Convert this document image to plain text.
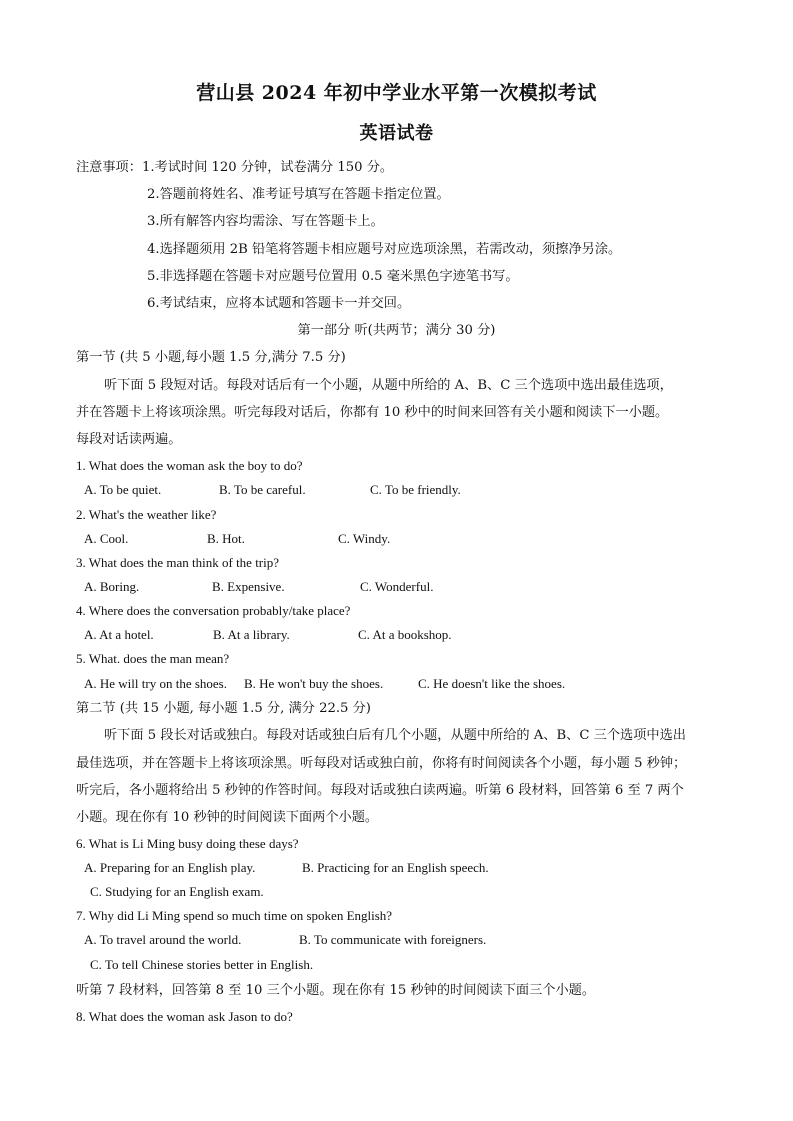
营山县 2024 年初中学业水平第一次模拟考试
英语试卷
注意事项：1.考试时间 120 分钟，试卷满分 150 分。
2.答题前将姓名、准考证号填写在答题卡指定位置。
3.所有解答内容均需涂、写在答题卡上。
4.选择题须用 2B 铅笔将答题卡相应题号对应选项涂黑，若需改动，须擦净另涂。
5.非选择题在答题卡对应题号位置用 0.5 毫米黑色字迹笔书写。
6.考试结束，应将本试题和答题卡一并交回。
第一部分 听(共两节；满分 30 分)
第一节 (共 5 小题,每小题 1.5 分,满分 7.5 分)
听下面 5 段短对话。每段对话后有一个小题，从题中所给的 A、B、C 三个选项中选出最佳选项，
并在答题卡上将该项涂黑。听完每段对话后，你都有 10 秒中的时间来回答有关小题和阅读下一小题。
每段对话读两遍。
1. What does the woman ask the boy to do?
A. To be quiet.	B. To be careful.	C. To be friendly.
2. What's the weather like?
A. Cool.	B. Hot.	C. Windy.
3. What does the man think of the trip?
A. Boring.	B. Expensive.	C. Wonderful.
4. Where does the conversation probably/take place?
A. At a hotel.	B. At a library.	C. At a bookshop.
5. What. does the man mean?
A. He will try on the shoes. B. He won't buy the shoes.	C. He doesn't like the shoes.
第二节 (共 15 小题, 每小题 1.5 分, 满分 22.5 分)
听下面 5 段长对话或独白。每段对话或独白后有几个小题，从题中所给的 A、B、C 三个选项中选出
最佳选项，并在答题卡上将该项涂黑。听每段对话或独白前，你将有时间阅读各个小题，每小题 5 秒钟；
听完后，各小题将给出 5 秒钟的作答时间。每段对话或独白读两遍。听第 6 段材料，回答第 6 至 7 两个
小题。现在你有 10 秒钟的时间阅读下面两个小题。
6. What is Li Ming busy doing these days?
A. Preparing for an English play.	B. Practicing for an English speech.
C. Studying for an English exam.
7. Why did Li Ming spend so much time on spoken English?
A. To travel around the world.	B. To communicate with foreigners.
C. To tell Chinese stories better in English.
听第 7 段材料，回答第 8 至 10 三个小题。现在你有 15 秒钟的时间阅读下面三个小题。
8. What does the woman ask Jason to do?
